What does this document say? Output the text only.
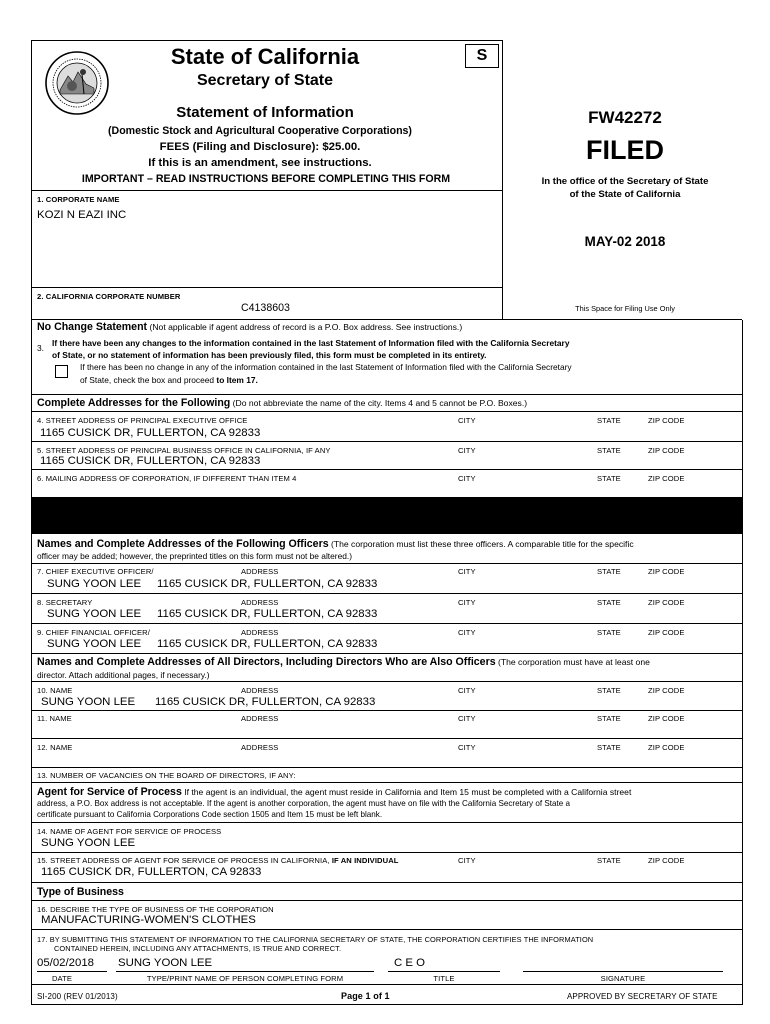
State of California	S
Secretary of State
Statement of Information
(Domestic Stock and Agricultural Cooperative Corporations)
FEES (Filing and Disclosure): $25.00.
If this is an amendment, see instructions.
IMPORTANT – READ INSTRUCTIONS BEFORE COMPLETING THIS FORM
FW42272
FILED
In the office of the Secretary of State
of the State of California
MAY-02 2018
This Space for Filing Use Only
1. CORPORATE NAME
KOZI N EAZI INC
2. CALIFORNIA CORPORATE NUMBER
C4138603
No Change Statement (Not applicable if agent address of record is a P.O. Box address. See instructions.)
3. If there have been any changes to the information contained in the last Statement of Information filed with the California Secretary
of State, or no statement of information has been previously filed, this form must be completed in its entirety.
If there has been no change in any of the information contained in the last Statement of Information filed with the California Secretary
of State, check the box and proceed to Item 17.
Complete Addresses for the Following (Do not abbreviate the name of the city. Items 4 and 5 cannot be P.O. Boxes.)
4. STREET ADDRESS OF PRINCIPAL EXECUTIVE OFFICE	CITY	STATE	ZIP CODE
1165 CUSICK DR, FULLERTON, CA 92833
5. STREET ADDRESS OF PRINCIPAL BUSINESS OFFICE IN CALIFORNIA, IF ANY	CITY	STATE	ZIP CODE
1165 CUSICK DR, FULLERTON, CA 92833
6. MAILING ADDRESS OF CORPORATION, IF DIFFERENT THAN ITEM 4	CITY	STATE	ZIP CODE
Names and Complete Addresses of the Following Officers (The corporation must list these three officers. A comparable title for the specific
officer may be added; however, the preprinted titles on this form must not be altered.)
7. CHIEF EXECUTIVE OFFICER/	ADDRESS	CITY	STATE	ZIP CODE
SUNG YOON LEE 1165 CUSICK DR, FULLERTON, CA 92833
8. SECRETARY	ADDRESS	CITY	STATE	ZIP CODE
SUNG YOON LEE 1165 CUSICK DR, FULLERTON, CA 92833
9. CHIEF FINANCIAL OFFICER/	ADDRESS	CITY	STATE	ZIP CODE
SUNG YOON LEE 1165 CUSICK DR, FULLERTON, CA 92833
Names and Complete Addresses of All Directors, Including Directors Who are Also Officers (The corporation must have at least one
director. Attach additional pages, if necessary.)
10. NAME	ADDRESS	CITY	STATE	ZIP CODE
SUNG YOON LEE 1165 CUSICK DR, FULLERTON, CA 92833
11. NAME	ADDRESS	CITY	STATE	ZIP CODE
12. NAME	ADDRESS	CITY	STATE	ZIP CODE
13. NUMBER OF VACANCIES ON THE BOARD OF DIRECTORS, IF ANY:
Agent for Service of Process If the agent is an individual, the agent must reside in California and Item 15 must be completed with a California street
address, a P.O. Box address is not acceptable. If the agent is another corporation, the agent must have on file with the California Secretary of State a
certificate pursuant to California Corporations Code section 1505 and Item 15 must be left blank.
14. NAME OF AGENT FOR SERVICE OF PROCESS
SUNG YOON LEE
15. STREET ADDRESS OF AGENT FOR SERVICE OF PROCESS IN CALIFORNIA, IF AN INDIVIDUAL	CITY	STATE	ZIP CODE
1165 CUSICK DR, FULLERTON, CA 92833
Type of Business
16. DESCRIBE THE TYPE OF BUSINESS OF THE CORPORATION
MANUFACTURING-WOMEN'S CLOTHES
17. BY SUBMITTING THIS STATEMENT OF INFORMATION TO THE CALIFORNIA SECRETARY OF STATE, THE CORPORATION CERTIFIES THE INFORMATION
CONTAINED HEREIN, INCLUDING ANY ATTACHMENTS, IS TRUE AND CORRECT.
05/02/2018 SUNG YOON LEE	C E O
DATE	TYPE/PRINT NAME OF PERSON COMPLETING FORM	TITLE	SIGNATURE
SI-200 (REV 01/2013)	Page 1 of 1	APPROVED BY SECRETARY OF STATE
